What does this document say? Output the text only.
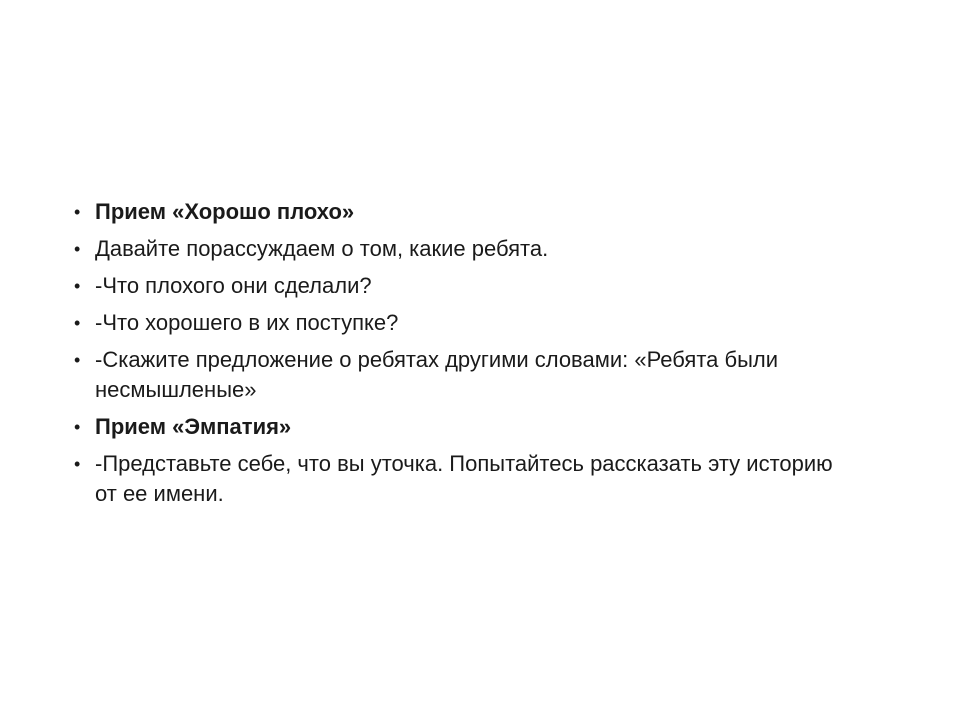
• Прием «Хорошо плохо»
• Давайте порассуждаем о том, какие ребята.
• -Что плохого они сделали?
• -Что хорошего в их поступке?
• -Скажите предложение о ребятах другими словами: «Ребята были несмышленые»
• Прием «Эмпатия»
• -Представьте себе, что вы уточка. Попытайтесь рассказать эту историю от ее имени.
